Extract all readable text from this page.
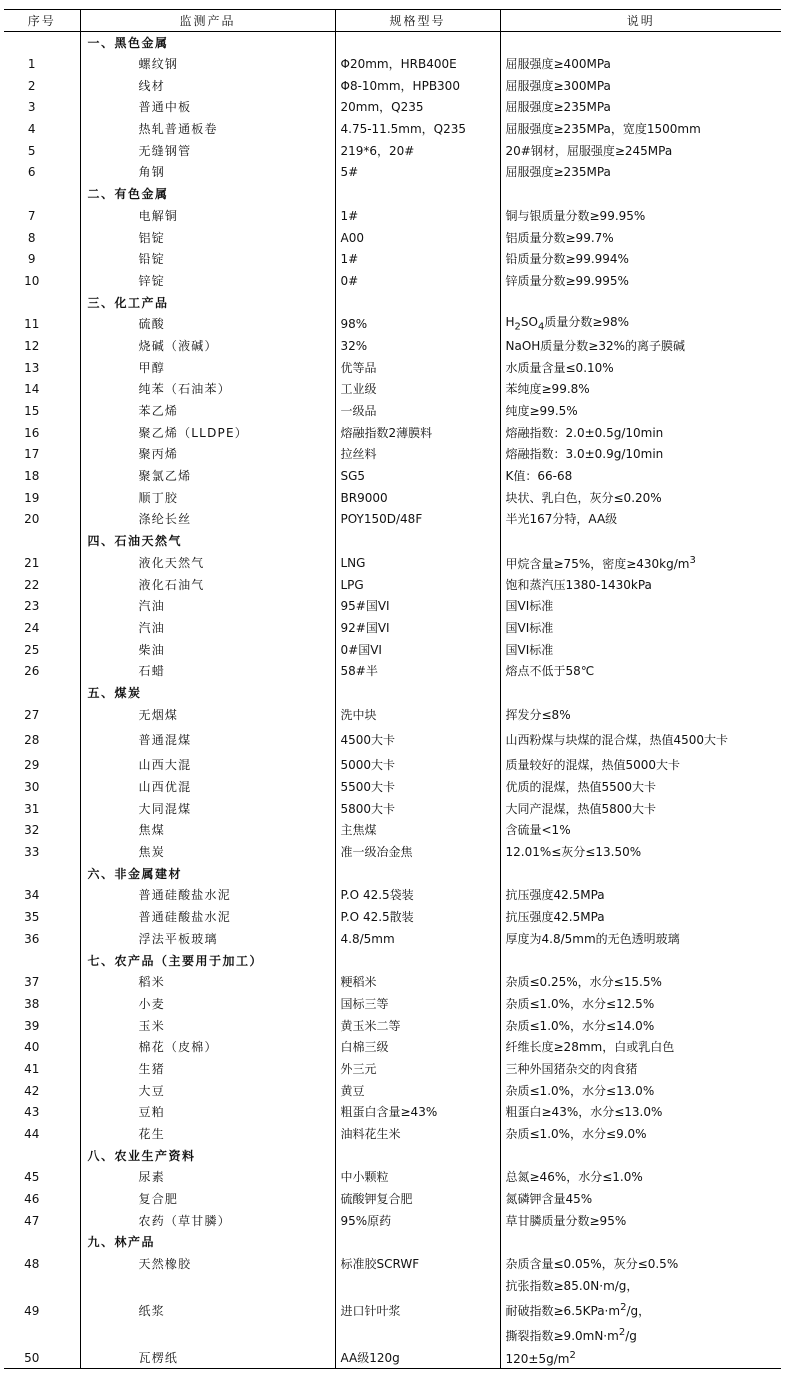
序号	监测产品	规格型号	说明
	一、黑色金属		
1	螺纹钢	Φ20mm，HRB400E	屈服强度≥400MPa
2	线材	Φ8-10mm，HPB300	屈服强度≥300MPa
3	普通中板	20mm，Q235	屈服强度≥235MPa
4	热轧普通板卷	4.75-11.5mm，Q235	屈服强度≥235MPa，宽度1500mm
5	无缝钢管	219*6，20#	20#钢材，屈服强度≥245MPa
6	角钢	5#	屈服强度≥235MPa
	二、有色金属		
7	电解铜	1#	铜与银质量分数≥99.95%
8	铝锭	A00	铝质量分数≥99.7%
9	铅锭	1#	铅质量分数≥99.994%
10	锌锭	0#	锌质量分数≥99.995%
	三、化工产品		
11	硫酸	98%	$H_2SO_4$质量分数≥98%
12	烧碱（液碱）	32%	NaOH质量分数≥32%的离子膜碱
13	甲醇	优等品	水质量含量≤0.10%
14	纯苯（石油苯）	工业级	苯纯度≥99.8%
15	苯乙烯	一级品	纯度≥99.5%
16	聚乙烯（LLDPE）	熔融指数2薄膜料	熔融指数：2.0±0.5g/10min
17	聚丙烯	拉丝料	熔融指数：3.0±0.9g/10min
18	聚氯乙烯	SG5	K值：66-68
19	顺丁胶	BR9000	块状、乳白色，灰分≤0.20%
20	涤纶长丝	POY150D/48F	半光167分特，AA级
	四、石油天然气		
21	液化天然气	LNG	甲烷含量≥75%，密度$\ge 430kg/m^3$
22	液化石油气	LPG	饱和蒸汽压1380-1430kPa
23	汽油	95#国VI	国VI标准
24	汽油	92#国VI	国VI标准
25	柴油	0#国VI	国VI标准
26	石蜡	58#半	熔点不低于58℃
	五、煤炭		
27	无烟煤	洗中块	挥发分≤8%
28	普通混煤	4500大卡	山西粉煤与块煤的混合煤，热值4500大卡
29	山西大混	5000大卡	质量较好的混煤，热值5000大卡
30	山西优混	5500大卡	优质的混煤，热值5500大卡
31	大同混煤	5800大卡	大同产混煤，热值5800大卡
32	焦煤	主焦煤	含硫量<1%
33	焦炭	准一级冶金焦	12.01%≤灰分≤13.50%
	六、非金属建材		
34	普通硅酸盐水泥	P.O 42.5袋装	抗压强度42.5MPa
35	普通硅酸盐水泥	P.O 42.5散装	抗压强度42.5MPa
36	浮法平板玻璃	4.8/5mm	厚度为4.8/5mm的无色透明玻璃
	七、农产品（主要用于加工）		
37	稻米	粳稻米	杂质≤0.25%，水分≤15.5%
38	小麦	国标三等	杂质≤1.0%，水分≤12.5%
39	玉米	黄玉米二等	杂质≤1.0%，水分≤14.0%
40	棉花（皮棉）	白棉三级	纤维长度≥28mm，白或乳白色
41	生猪	外三元	三种外国猪杂交的肉食猪
42	大豆	黄豆	杂质≤1.0%，水分≤13.0%
43	豆粕	粗蛋白含量≥43%	粗蛋白≥43%，水分≤13.0%
44	花生	油料花生米	杂质≤1.0%，水分≤9.0%
	八、农业生产资料		
45	尿素	中小颗粒	总氮≥46%，水分≤1.0%
46	复合肥	硫酸钾复合肥	氮磷钾含量45%
47	农药（草甘膦）	95%原药	草甘膦质量分数≥95%
	九、林产品		
48	天然橡胶	标准胶SCRWF	杂质含量≤0.05%，灰分≤0.5%
49	纸浆	进口针叶浆	抗张指数≥85.0N·m/g，
耐破指数$\ge 6.5KPa\cdot m^2/g$，
撕裂指数$\ge 9.0mN\cdot m^2/g$

50	瓦楞纸	AA级120g	$120\pm 5g/m^2$
